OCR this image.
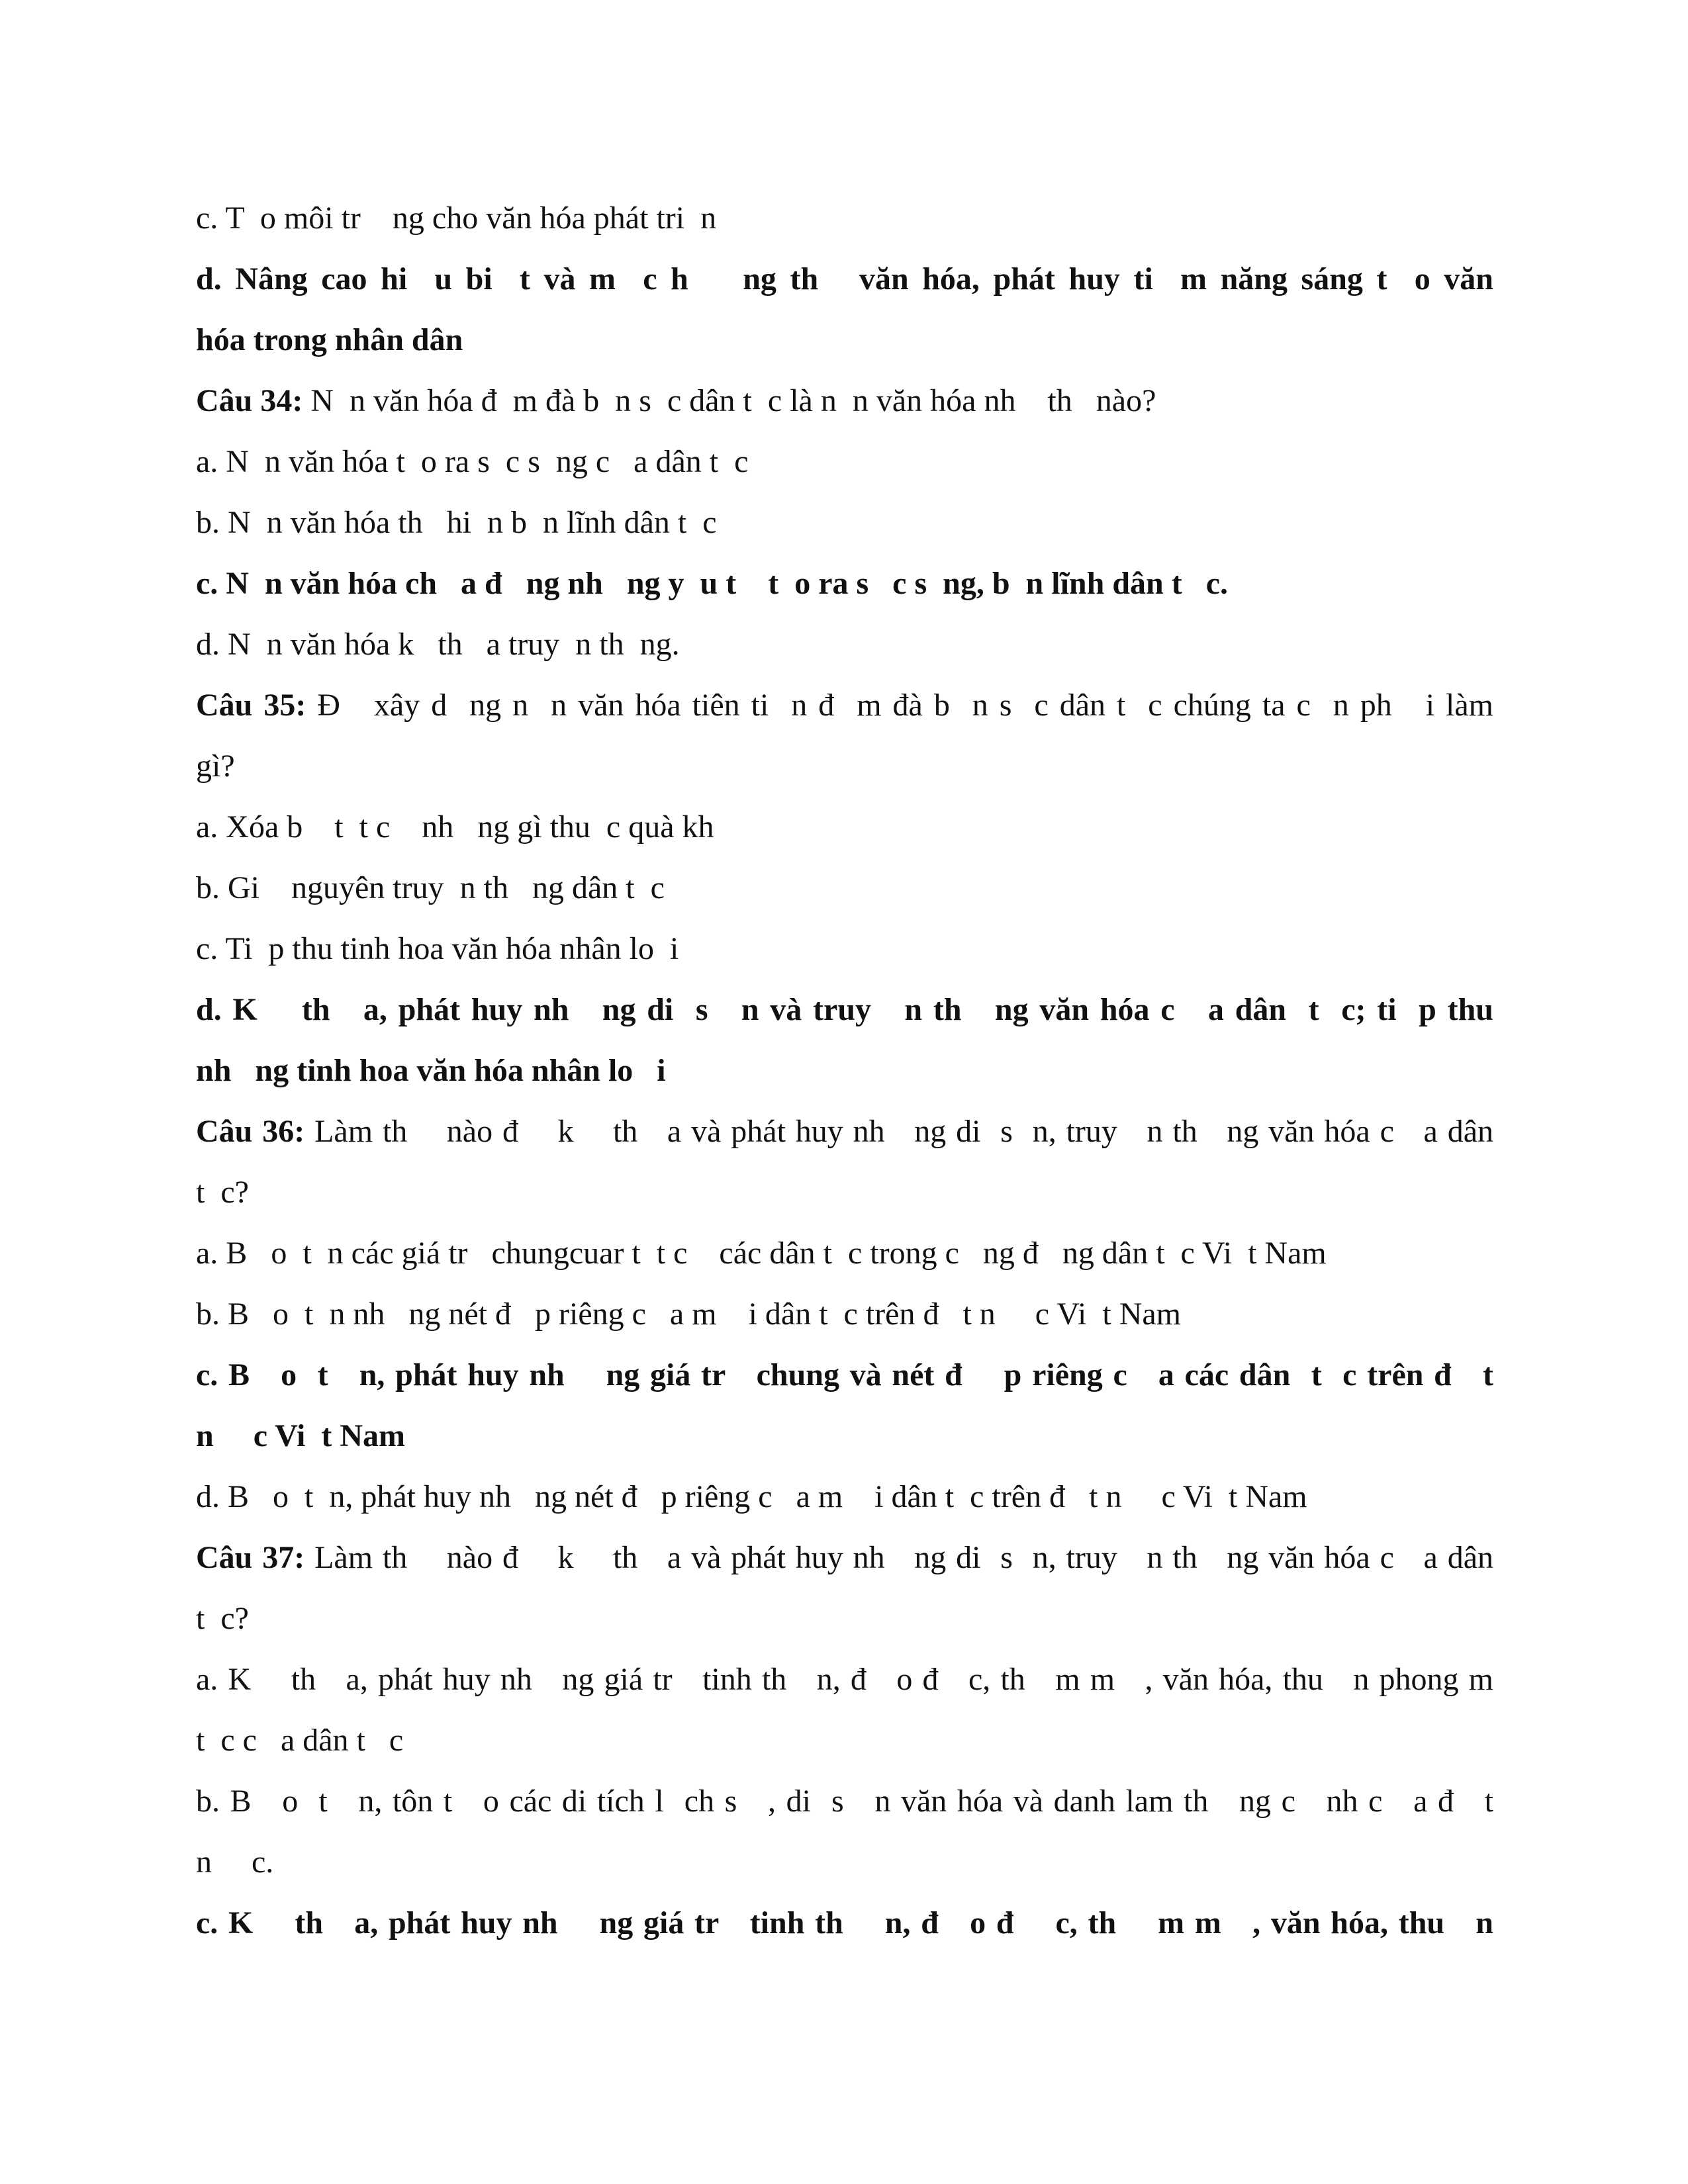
c. T  o môi tr    ng cho văn hóa phát tri  n

d. Nâng cao hi  u bi  t và m  c h    ng th   văn hóa, phát huy ti  m năng sáng t  o văn

hóa trong nhân dân

Câu 34: N  n văn hóa đ  m đà b  n s  c dân t  c là n  n văn hóa nh    th   nào?

a. N  n văn hóa t  o ra s  c s  ng c   a dân t  c

b. N  n văn hóa th   hi  n b  n lĩnh dân t  c

c. N  n văn hóa ch   a đ   ng nh   ng y  u t    t  o ra s   c s  ng, b  n lĩnh dân t   c.

d. N  n văn hóa k   th   a truy  n th  ng.

Câu 35: Đ   xây d  ng n  n văn hóa tiên ti  n đ  m đà b  n s  c dân t  c chúng ta c  n ph   i làm

gì?

a. Xóa b    t  t c    nh   ng gì thu  c quà kh

b. Gi    nguyên truy  n th   ng dân t  c

c. Ti  p thu tinh hoa văn hóa nhân lo  i

d. K    th   a, phát huy nh   ng di  s   n và truy   n th   ng văn hóa c   a dân  t  c; ti  p thu

nh   ng tinh hoa văn hóa nhân lo   i

Câu 36: Làm th    nào đ    k    th   a và phát huy nh   ng di  s  n, truy   n th   ng văn hóa c   a dân

t  c?

a. B   o  t  n các giá tr   chungcuar t  t c    các dân t  c trong c   ng đ   ng dân t  c Vi  t Nam

b. B   o  t  n nh   ng nét đ   p riêng c   a m    i dân t  c trên đ   t n     c Vi  t Nam

c. B   o  t   n, phát huy nh    ng giá tr   chung và nét đ    p riêng c   a các dân  t  c trên đ   t

n     c Vi  t Nam

d. B   o  t  n, phát huy nh   ng nét đ   p riêng c   a m    i dân t  c trên đ   t n     c Vi  t Nam

Câu 37: Làm th    nào đ    k    th   a và phát huy nh   ng di  s  n, truy   n th   ng văn hóa c   a dân

t  c?

a. K    th   a, phát huy nh   ng giá tr   tinh th   n, đ   o đ   c, th   m m   , văn hóa, thu   n phong m

t  c c   a dân t   c

b. B   o  t   n, tôn t   o các di tích l  ch s   , di  s   n văn hóa và danh lam th   ng c   nh c   a đ   t

n     c.

c. K    th   a, phát huy nh    ng giá tr   tinh th    n, đ   o đ    c, th    m m   , văn hóa, thu   n
